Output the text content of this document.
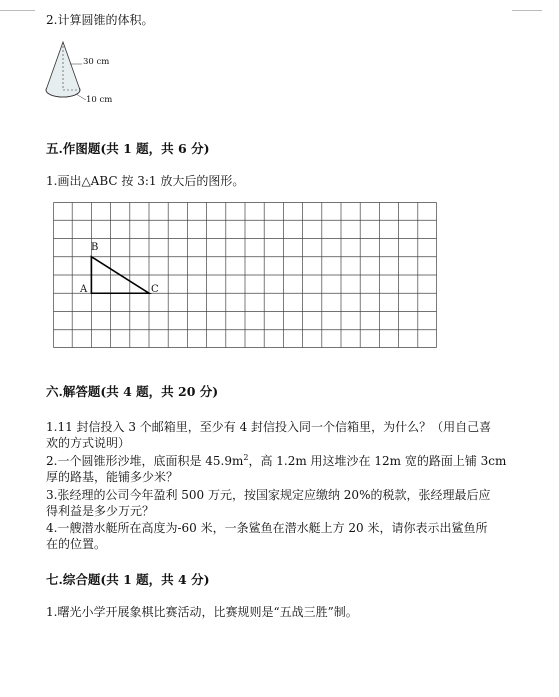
2.计算圆锥的体积。
30 cm
10 cm
五.作图题(共 1 题，共 6 分)
1.画出△ABC 按 3:1 放大后的图形。
B
A	C
六.解答题(共 4 题，共 20 分)
1.11 封信投入 3 个邮箱里，至少有 4 封信投入同一个信箱里，为什么？（用自己喜
欢的方式说明）
2.一个圆锥形沙堆，底面积是 $45.9m^2$，高 1.2m 用这堆沙在 12m 宽的路面上铺 3cm
厚的路基，能铺多少米？
3.张经理的公司今年盈利 500 万元，按国家规定应缴纳 20%的税款，张经理最后应
得利益是多少万元？
4.一艘潜水艇所在高度为-60 米，一条鲨鱼在潜水艇上方 20 米，请你表示出鲨鱼所
在的位置。
七.综合题(共 1 题，共 4 分)
1.曙光小学开展象棋比赛活动，比赛规则是“五战三胜”制。
